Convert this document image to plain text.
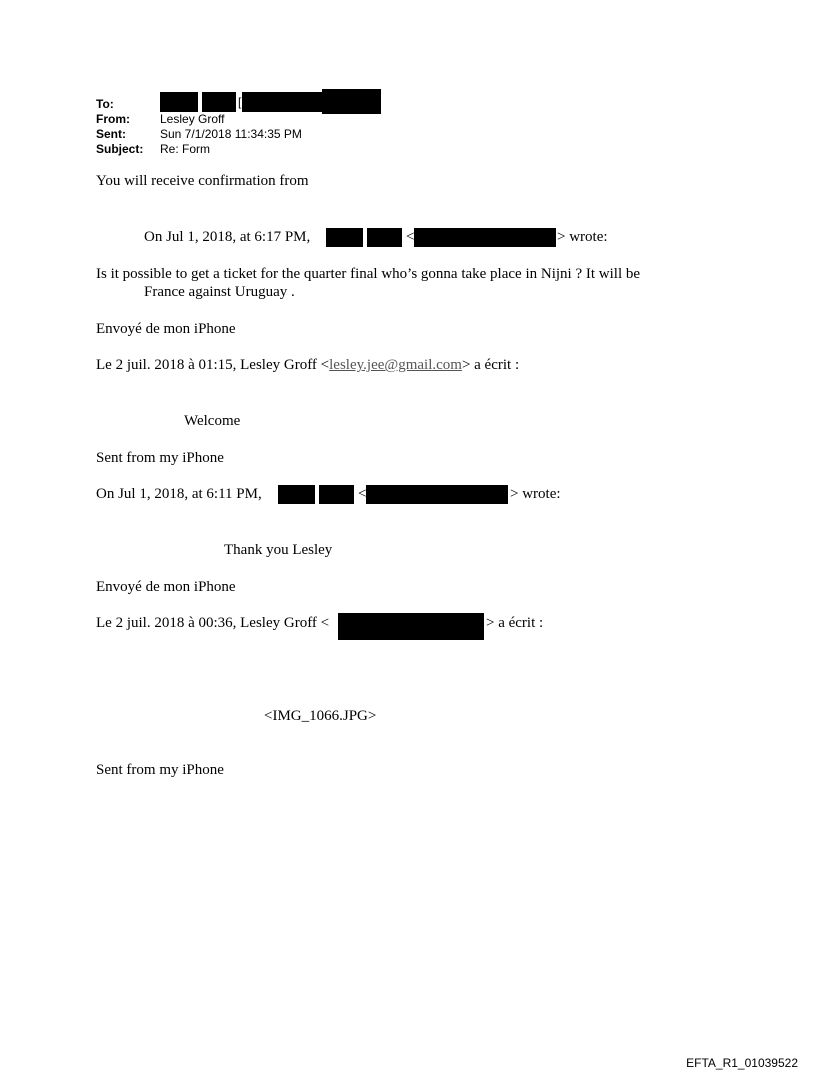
To:	[
From:	Lesley Groff
Sent:	Sun 7/1/2018 11:34:35 PM
Subject: Re: Form
You will receive confirmation from
On Jul 1, 2018, at 6:17 PM,	<	> wrote:
Is it possible to get a ticket for the quarter final who’s gonna take place in Nijni ? It will be
France against Uruguay .
Envoyé de mon iPhone
Le 2 juil. 2018 à 01:15, Lesley Groff <lesley.jee@gmail.com> a écrit :
Welcome
Sent from my iPhone
On Jul 1, 2018, at 6:11 PM,	<	> wrote:
Thank you Lesley
Envoyé de mon iPhone
Le 2 juil. 2018 à 00:36, Lesley Groff <	> a écrit :
<IMG_1066.JPG>
Sent from my iPhone
EFTA_R1_01039522
